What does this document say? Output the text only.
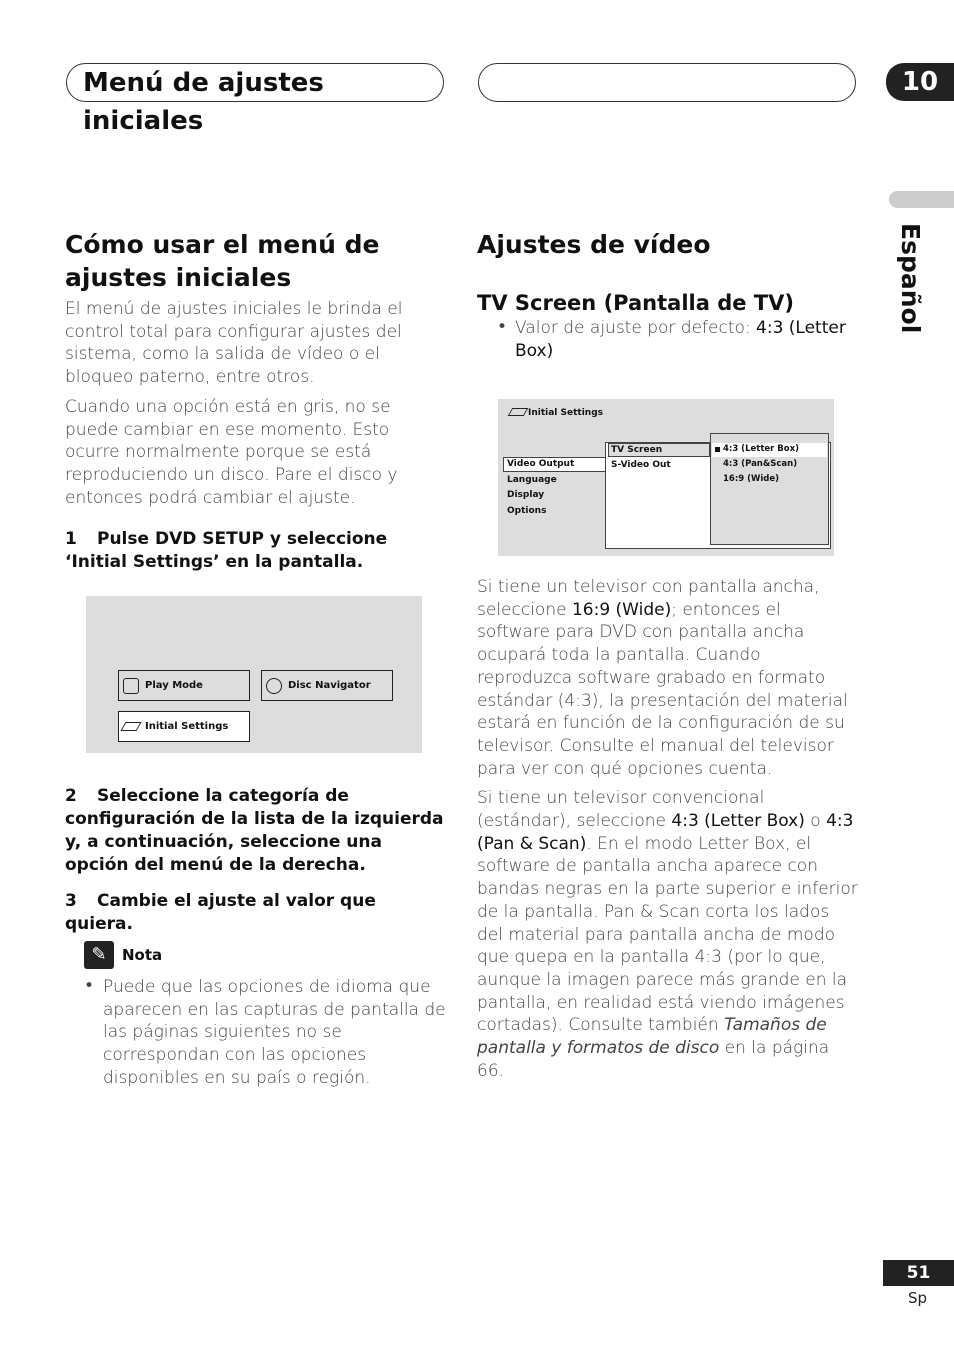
Menú de ajustes iniciales
10
Español
Cómo usar el menú de ajustes iniciales

El menú de ajustes iniciales le brinda el control total para configurar ajustes del sistema, como la salida de vídeo o el bloqueo paterno, entre otros.

Cuando una opción está en gris, no se puede cambiar en ese momento. Esto ocurre normalmente porque se está reproduciendo un disco. Pare el disco y entonces podrá cambiar el ajuste.

1 Pulse DVD SETUP y seleccione ‘Initial Settings’ en la pantalla.

Play Mode	Disc Navigator
Initial Settings

2	Seleccione la categoría de configuración de la lista de la izquierda y, a continuación, seleccione una opción del menú de la derecha.

3 Cambie el ajuste al valor que quiera.

✎	Nota
• Puede que las opciones de idioma que aparecen en las capturas de pantalla de las páginas siguientes no se correspondan con las opciones disponibles en su país o región.

Ajustes de vídeo
TV Screen (Pantalla de TV)
• Valor de ajuste por defecto: 4:3 (Letter Box)

Initial Settings
Video Output
Language
Display
Options
TV Screen
S-Video Out
4:3 (Letter Box)
4:3 (Pan&Scan)
16:9 (Wide)

Si tiene un televisor con pantalla ancha, seleccione 16:9 (Wide); entonces el software para DVD con pantalla ancha ocupará toda la pantalla. Cuando reproduzca software grabado en formato estándar (4:3), la presentación del material estará en función de la configuración de su televisor. Consulte el manual del televisor para ver con qué opciones cuenta.

Si tiene un televisor convencional (estándar), seleccione 4:3 (Letter Box) o 4:3 (Pan & Scan). En el modo Letter Box, el software de pantalla ancha aparece con bandas negras en la parte superior e inferior de la pantalla. Pan & Scan corta los lados del material para pantalla ancha de modo que quepa en la pantalla 4:3 (por lo que, aunque la imagen parece más grande en la pantalla, en realidad está viendo imágenes cortadas). Consulte también Tamaños de pantalla y formatos de disco en la página 66.

51
Sp
